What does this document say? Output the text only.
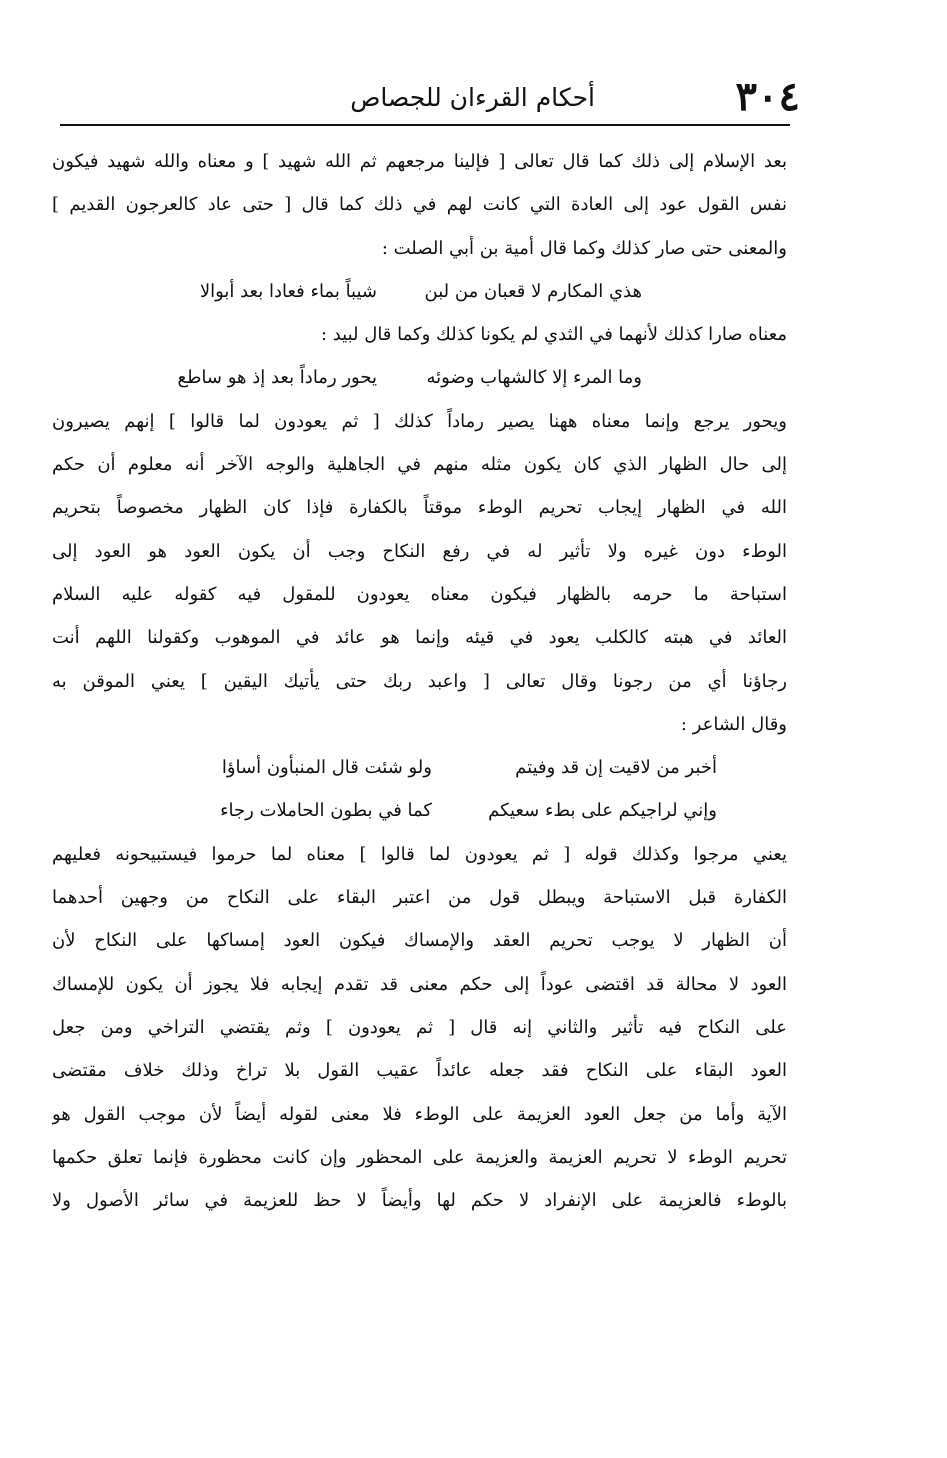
٣٠٤
أحكام القرءان للجصاص
بعد الإسلام إلى ذلك كما قال تعالى [ فإلينا مرجعهم ثم الله شهيد ] و معناه والله شهيد فيكون
نفس القول عود إلى العادة التي كانت لهم في ذلك كما قال [ حتى عاد كالعرجون القديم ]
والمعنى حتى صار كذلك وكما قال أمية بن أبي الصلت :
هذي المكارم لا قعبان من لبن
شيباً بماء فعادا بعد أبوالا
معناه صارا كذلك لأنهما في الثدي لم يكونا كذلك وكما قال لبيد :
وما المرء إلا كالشهاب وضوئه
يحور رماداً بعد إذ هو ساطع
ويحور يرجع وإنما معناه ههنا يصير رماداً كذلك [ ثم يعودون لما قالوا ] إنهم يصيرون
إلى حال الظهار الذي كان يكون مثله منهم في الجاهلية والوجه الآخر أنه معلوم أن حكم
الله في الظهار إيجاب تحريم الوطء موقتاً بالكفارة فإذا كان الظهار مخصوصاً بتحريم
الوطء دون غيره ولا تأثير له في رفع النكاح وجب أن يكون العود هو العود إلى
استباحة ما حرمه بالظهار فيكون معناه يعودون للمقول فيه كقوله عليه السلام
العائد في هبته كالكلب يعود في قيئه وإنما هو عائد في الموهوب وكقولنا اللهم أنت
رجاؤنا أي من رجونا وقال تعالى [ واعبد ربك حتى يأتيك اليقين ] يعني الموقن به
وقال الشاعر :
أخبر من لاقيت إن قد وفيتم
ولو شئت قال المنبأون أساؤا
وإني لراجيكم على بطء سعيكم
كما في بطون الحاملات رجاء
يعني مرجوا وكذلك قوله [ ثم يعودون لما قالوا ] معناه لما حرموا فيستبيحونه فعليهم
الكفارة قبل الاستباحة ويبطل قول من اعتبر البقاء على النكاح من وجهين أحدهما
أن الظهار لا يوجب تحريم العقد والإمساك فيكون العود إمساكها على النكاح لأن
العود لا محالة قد اقتضى عوداً إلى حكم معنى قد تقدم إيجابه فلا يجوز أن يكون للإمساك
على النكاح فيه تأثير والثاني إنه قال [ ثم يعودون ] وثم يقتضي التراخي ومن جعل
العود البقاء على النكاح فقد جعله عائداً عقيب القول بلا تراخ وذلك خلاف مقتضى
الآية وأما من جعل العود العزيمة على الوطء فلا معنى لقوله أيضاً لأن موجب القول هو
تحريم الوطء لا تحريم العزيمة والعزيمة على المحظور وإن كانت محظورة فإنما تعلق حكمها
بالوطء فالعزيمة على الإنفراد لا حكم لها وأيضاً لا حظ للعزيمة في سائر الأصول ولا
